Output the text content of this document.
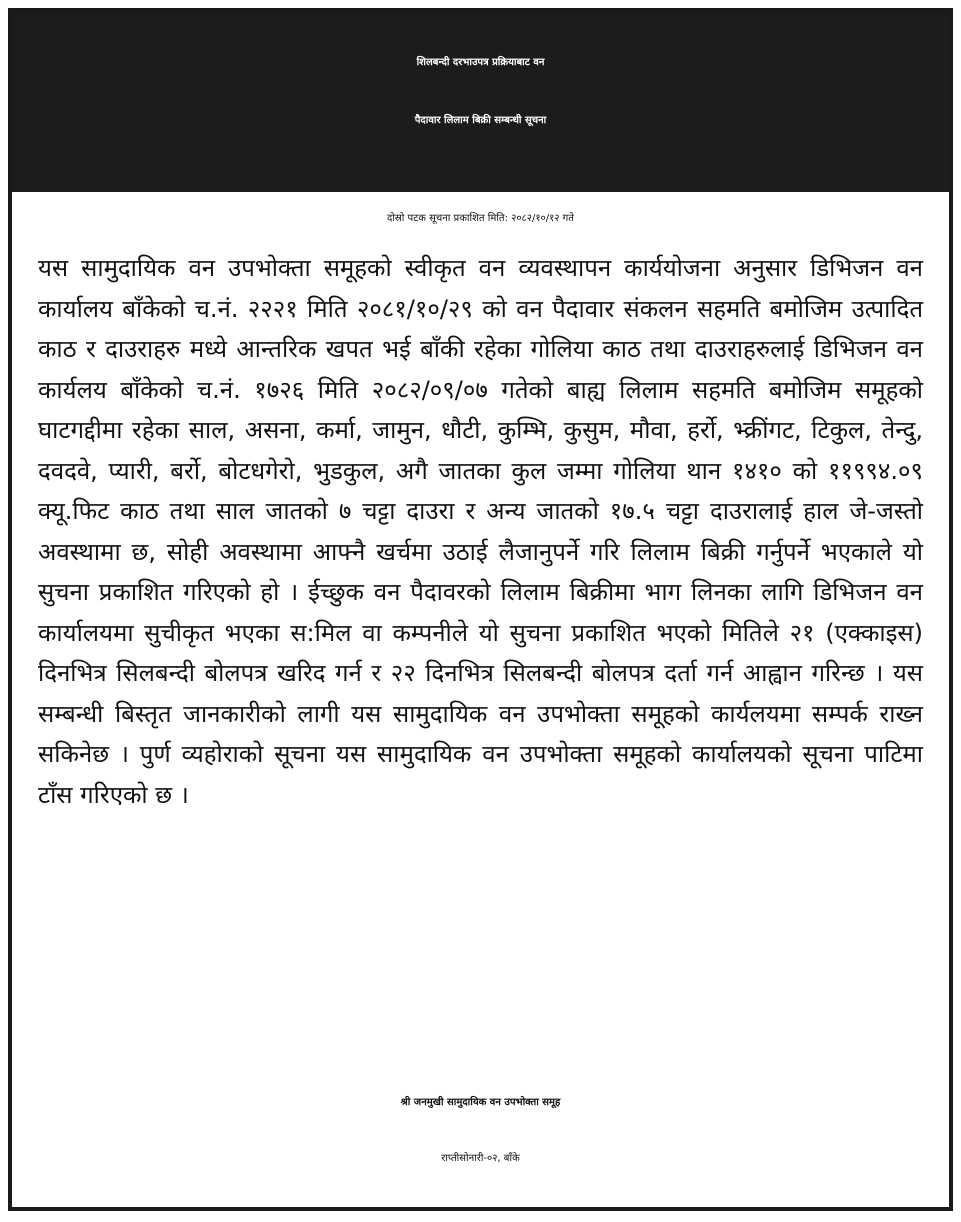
शिलबन्दी दरभाउपत्र प्रक्रियाबाट वन
पैदावार लिलाम बिक्री सम्बन्धी सूचना
दोस्रो पटक सूचना प्रकाशित मिति: २०८२/१०/१२ गते
यस सामुदायिक वन उपभोक्ता समूहको स्वीकृत वन व्यवस्थापन कार्ययोजना अनुसार डिभिजन वन कार्यालय बाँकेको च.नं. २२२१ मिति २०८१/१०/२९ को वन पैदावार संकलन सहमति बमोजिम उत्पादित काठ र दाउराहरु मध्ये आन्तरिक खपत भई बाँकी रहेका गोलिया काठ तथा दाउराहरुलाई डिभिजन वन कार्यलय बाँकेको च.नं. १७२६ मिति २०८२/०९/०७ गतेको बाह्य लिलाम सहमति बमोजिम समूहको घाटगद्दीमा रहेका साल, असना, कर्मा, जामुन, धौटी, कुम्भि, कुसुम, मौवा, हर्रो, भ्क्रींगट, टिकुल, तेन्दु, दवदवे, प्यारी, बर्रो, बोटधगेरो, भुडकुल, अगै जातका कुल जम्मा गोलिया थान १४१० को ११९९४.०९ क्यू.फिट काठ तथा साल जातको ७ चट्टा दाउरा र अन्य जातको १७.५ चट्टा दाउरालाई हाल जे-जस्तो अवस्थामा छ, सोही अवस्थामा आफ्नै खर्चमा उठाई लैजानुपर्ने गरि लिलाम बिक्री गर्नुपर्ने भएकाले यो सुचना प्रकाशित गरिएको हो । ईच्छुक वन पैदावरको लिलाम बिक्रीमा भाग लिनका लागि डिभिजन वन कार्यालयमा सुचीकृत भएका स:मिल वा कम्पनीले यो सुचना प्रकाशित भएको मितिले २१ (एक्काइस) दिनभित्र सिलबन्दी बोलपत्र खरिद गर्न र २२ दिनभित्र सिलबन्दी बोलपत्र दर्ता गर्न आह्वान गरिन्छ । यस सम्बन्धी बिस्तृत जानकारीको लागी यस सामुदायिक वन उपभोक्ता समूहको कार्यलयमा सम्पर्क राख्न सकिनेछ । पुर्ण व्यहोराको सूचना यस सामुदायिक वन उपभोक्ता समूहको कार्यालयको सूचना पाटिमा टाँस गरिएको छ ।
श्री जनमुखी सामुदायिक वन उपभोक्ता समूह
राप्तीसोनारी-०२, बाँके
